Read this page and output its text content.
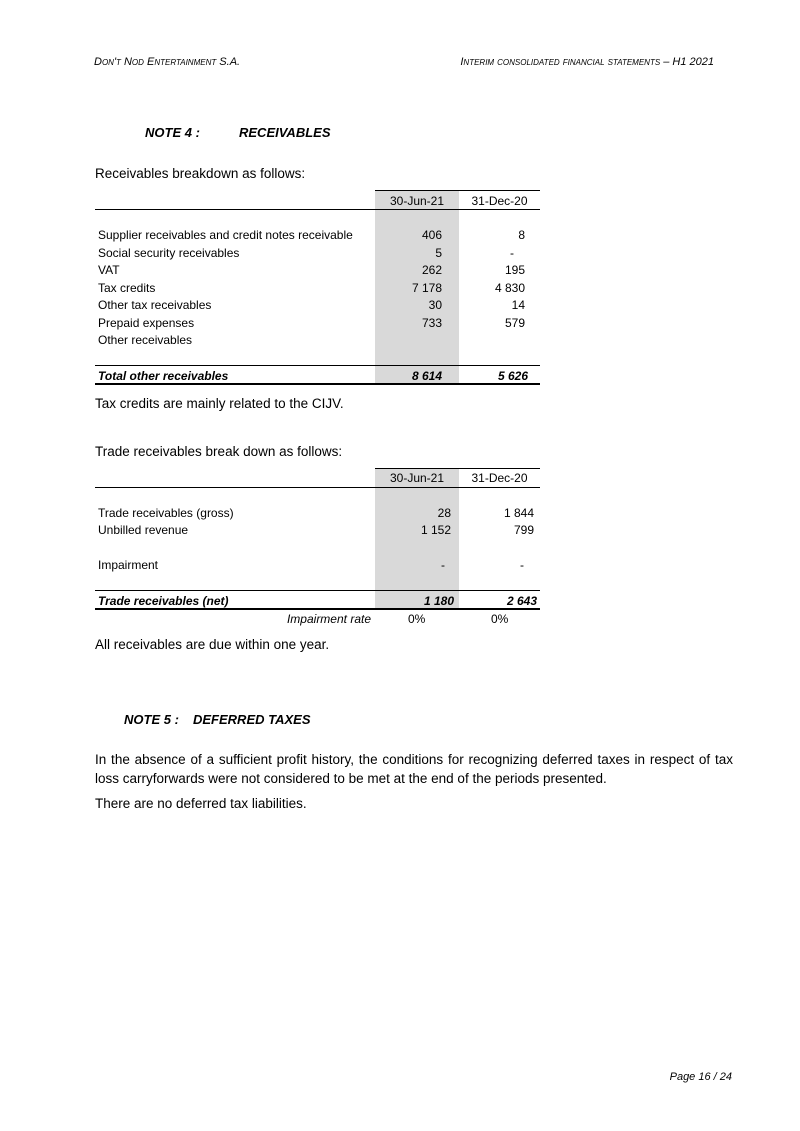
Don't Nod Entertainment S.A.	Interim consolidated financial statements – H1 2021
NOTE 4 :	RECEIVABLES
Receivables breakdown as follows:
30-Jun-21	31-Dec-20
Supplier receivables and credit notes receivable	406	8
Social security receivables	5	-
VAT	262	195
Tax credits	7 178	4 830
Other tax receivables	30	14
Prepaid expenses	733	579
Other receivables
Total other receivables	8 614	5 626
Tax credits are mainly related to the CIJV.
Trade receivables break down as follows:
30-Jun-21	31-Dec-20
Trade receivables (gross)	28	1 844
Unbilled revenue	1 152	799
Impairment	-	-
Trade receivables (net)	1 180	2 643
Impairment rate	0%	0%
All receivables are due within one year.
NOTE 5 : DEFERRED TAXES
In the absence of a sufficient profit history, the conditions for recognizing deferred taxes in respect of tax loss carryforwards were not considered to be met at the end of the periods presented.
There are no deferred tax liabilities.
Page 16 / 24
